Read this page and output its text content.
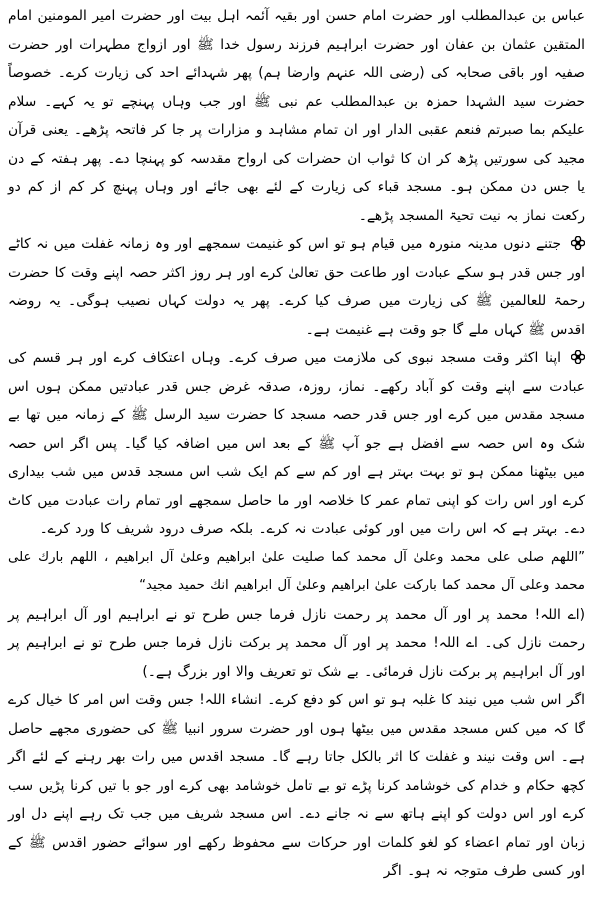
عباس بن عبدالمطلب اور حضرت امام حسن اور بقیہ آئمہ اہل بیت اور حضرت امیر المومنین امام المتقین عثمان بن عفان اور حضرت ابراہیم فرزند رسول خدا ﷺ اور ازواج مطہرات اور حضرت صفیہ اور باقی صحابہ کی (رضی اللہ عنہم وارضا ہم) پھر شہدائے احد کی زیارت کرے۔ خصوصاً حضرت سید الشہدا حمزہ بن عبدالمطلب عم نبی ﷺ اور جب وہاں پہنچے تو یہ کہے۔ سلام علیکم بما صبرتم فنعم عقبی الدار اور ان تمام مشاہد و مزارات پر جا کر فاتحہ پڑھے۔ یعنی قرآن مجید کی سورتیں پڑھ کر ان کا ثواب ان حضرات کی ارواح مقدسہ کو پہنچا دے۔ پھر ہفتہ کے دن یا جس دن ممکن ہو۔ مسجد قباء کی زیارت کے لئے بھی جائے اور وہاں پہنچ کر کم از کم دو رکعت نماز بہ نیت تحیۃ المسجد پڑھے۔
جتنے دنوں مدینہ منورہ میں قیام ہو تو اس کو غنیمت سمجھے اور وہ زمانہ غفلت میں نہ کاٹے اور جس قدر ہو سکے عبادت اور طاعت حق تعالیٰ کرے اور ہر روز اکثر حصہ اپنے وقت کا حضرت رحمۃ للعالمین ﷺ کی زیارت میں صرف کیا کرے۔ پھر یہ دولت کہاں نصیب ہوگی۔ یہ روضہ اقدس ﷺ کہاں ملے گا جو وقت ہے غنیمت ہے۔
اپنا اکثر وقت مسجد نبوی کی ملازمت میں صرف کرے۔ وہاں اعتکاف کرے اور ہر قسم کی عبادت سے اپنے وقت کو آباد رکھے۔ نماز، روزہ، صدقہ غرض جس قدر عبادتیں ممکن ہوں اس مسجد مقدس میں کرے اور جس قدر حصہ مسجد کا حضرت سید الرسل ﷺ کے زمانہ میں تھا بے شک وہ اس حصہ سے افضل ہے جو آپ ﷺ کے بعد اس میں اضافہ کیا گیا۔ پس اگر اس حصہ میں بیٹھنا ممکن ہو تو بہت بہتر ہے اور کم سے کم ایک شب اس مسجد قدس میں شب بیداری کرے اور اس رات کو اپنی تمام عمر کا خلاصہ اور ما حاصل سمجھے اور تمام رات عبادت میں کاٹ دے۔ بہتر ہے کہ اس رات میں اور کوئی عبادت نہ کرے۔ بلکہ صرف درود شریف کا ورد کرے۔
”اللهم صلى على محمد وعلىٰ آل محمد كما صليت علىٰ ابراهيم وعلىٰ آل ابراهيم ، اللهم بارك على محمد وعلى آل محمد كما باركت علىٰ ابراهيم وعلىٰ آل ابراهيم انك حميد مجيد“
(اے اللہ! محمد پر اور آل محمد پر رحمت نازل فرما جس طرح تو نے ابراہیم اور آل ابراہیم پر رحمت نازل کی۔ اے اللہ! محمد پر اور آل محمد پر برکت نازل فرما جس طرح تو نے ابراہیم پر اور آل ابراہیم پر برکت نازل فرمائی۔ بے شک تو تعریف والا اور بزرگ ہے۔)
اگر اس شب میں نیند کا غلبہ ہو تو اس کو دفع کرے۔ انشاء اللہ! جس وقت اس امر کا خیال کرے گا کہ میں کس مسجد مقدس میں بیٹھا ہوں اور حضرت سرور انبیا ﷺ کی حضوری مجھے حاصل ہے۔ اس وقت نیند و غفلت کا اثر بالکل جاتا رہے گا۔ مسجد اقدس میں رات بھر رہنے کے لئے اگر کچھ حکام و خدام کی خوشامد کرنا پڑے تو بے تامل خوشامد بھی کرے اور جو با تیں کرنا پڑیں سب کرے اور اس دولت کو اپنے ہاتھ سے نہ جانے دے۔ اس مسجد شریف میں جب تک رہے اپنے دل اور زبان اور تمام اعضاء کو لغو کلمات اور حرکات سے محفوظ رکھے اور سوائے حضور اقدس ﷺ کے اور کسی طرف متوجہ نہ ہو۔ اگر
